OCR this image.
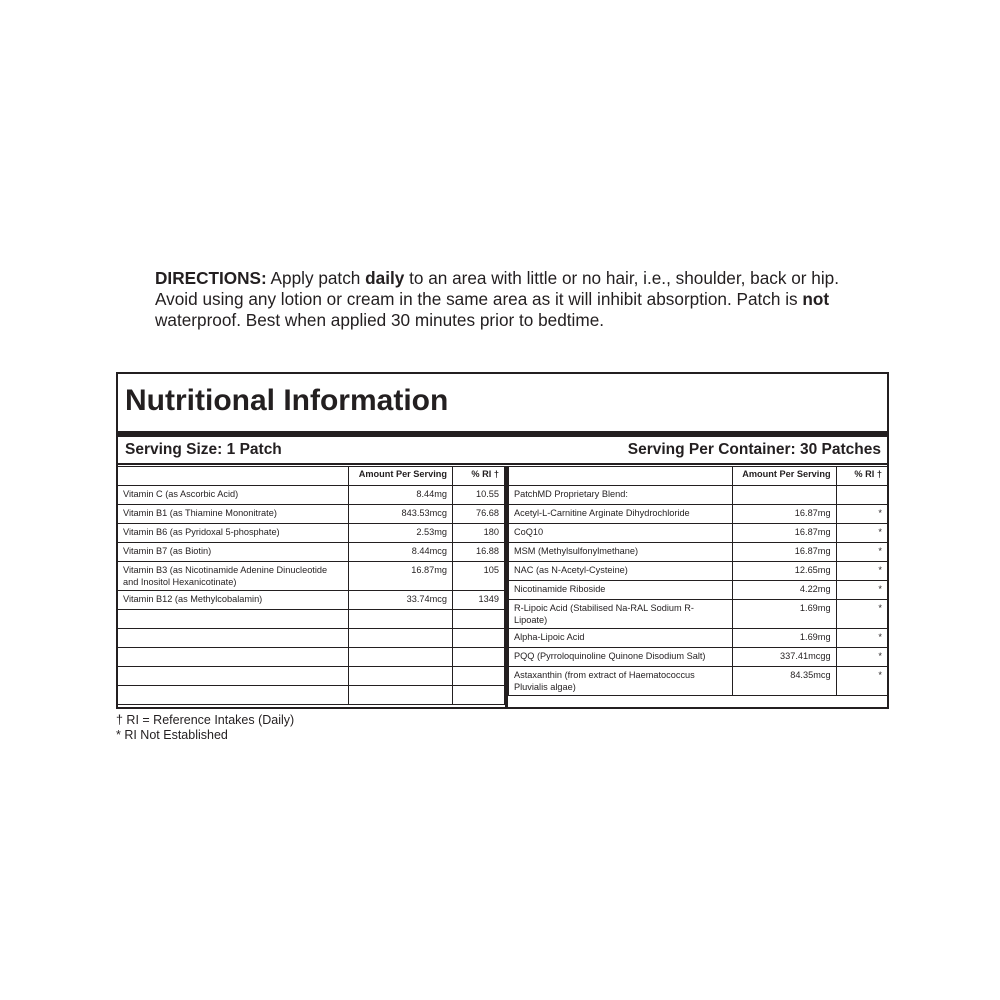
DIRECTIONS: Apply patch daily to an area with little or no hair, i.e., shoulder, back or hip. Avoid using any lotion or cream in the same area as it will inhibit absorption. Patch is not waterproof. Best when applied 30 minutes prior to bedtime.
Nutritional Information
Serving Size: 1 Patch	Serving Per Container: 30 Patches
	Amount Per Serving	% RI †
Vitamin C (as Ascorbic Acid)	8.44mg	10.55
Vitamin B1 (as Thiamine Mononitrate)	843.53mcg	76.68
Vitamin B6 (as Pyridoxal 5-phosphate)	2.53mg	180
Vitamin B7 (as Biotin)	8.44mcg	16.88
Vitamin B3 (as Nicotinamide Adenine Dinucleotide and Inositol Hexanicotinate)	16.87mg	105
Vitamin B12 (as Methylcobalamin)	33.74mcg	1349

	Amount Per Serving	% RI †
PatchMD Proprietary Blend:		
Acetyl-L-Carnitine Arginate Dihydrochloride	16.87mg	*
CoQ10	16.87mg	*
MSM (Methylsulfonylmethane)	16.87mg	*
NAC (as N-Acetyl-Cysteine)	12.65mg	*
Nicotinamide Riboside	4.22mg	*
R-Lipoic Acid (Stabilised Na-RAL Sodium R-Lipoate)	1.69mg	*
Alpha-Lipoic Acid	1.69mg	*
PQQ (Pyrroloquinoline Quinone Disodium Salt)	337.41mcgg	*
Astaxanthin (from extract of Haematococcus Pluvialis algae)	84.35mcg	*
† RI = Reference Intakes (Daily)
* RI Not Established
